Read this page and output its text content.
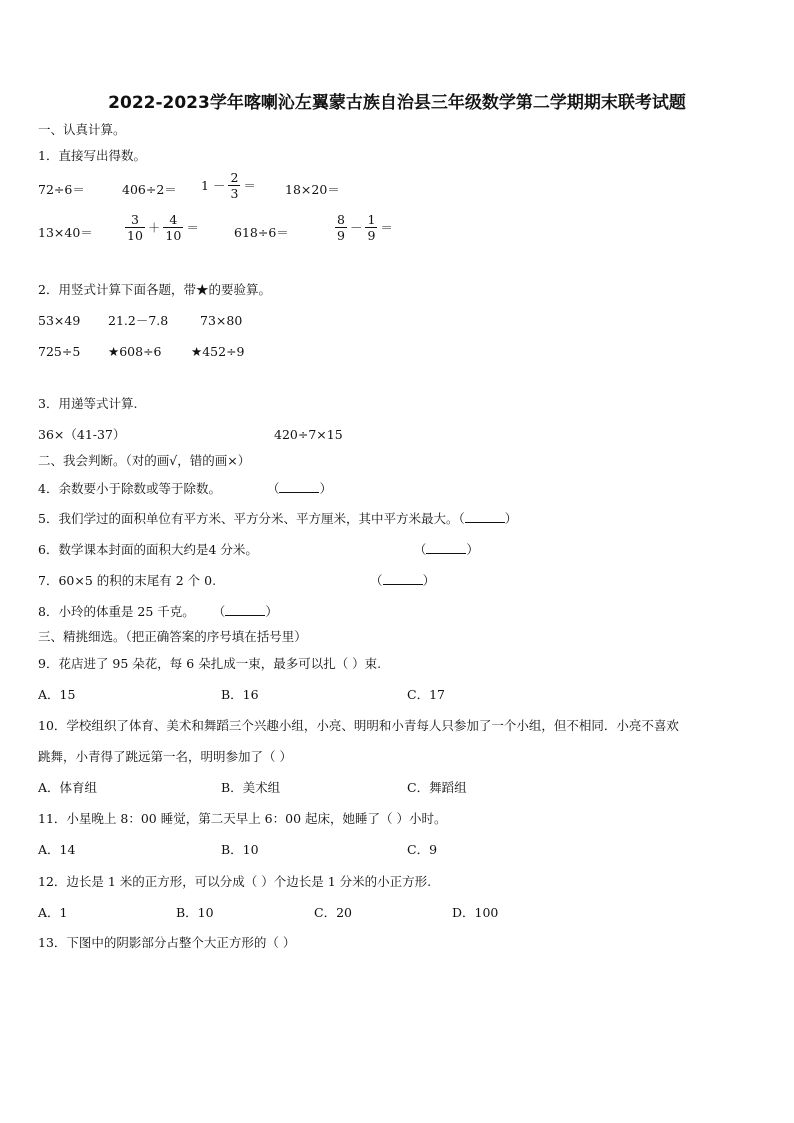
2022-2023学年喀喇沁左翼蒙古族自治县三年级数学第二学期期末联考试题
一、认真计算。
1．直接写出得数。
72÷6＝	$406\div 2= 1 - \frac{2}{3} = 18\times 20=$
13×40＝	$\frac{3}{10} + \frac{4}{10}$ ＝	618÷6＝	$\frac{8}{9} - \frac{1}{9}$ ＝
2．用竖式计算下面各题，带★的要验算。
53×49 21.2－7.8	73×80
725÷5 ★608÷6 ★452÷9
3．用递等式计算.
36×（41-37）	420÷7×15
二、我会判断。（对的画√，错的画×）
4．余数要小于除数或等于除数。	（	）
5．我们学过的面积单位有平方米、平方分米、平方厘米，其中平方米最大。（	）
6．数学课本封面的面积大约是4 分米。	（	）
7．60×5 的积的末尾有 2 个 0.	（	）
8．小玲的体重是 25 千克。 （	）
三、精挑细选。（把正确答案的序号填在括号里）
9．花店进了 95 朵花，每 6 朵扎成一束，最多可以扎（ ）束.
A．15	B．16	C．17
10．学校组织了体育、美术和舞蹈三个兴趣小组，小亮、明明和小青每人只参加了一个小组，但不相同．小亮不喜欢
跳舞，小青得了跳远第一名，明明参加了（ ）
A．体育组	B．美术组	C．舞蹈组
11．小星晚上 8：00 睡觉，第二天早上 6：00 起床，她睡了（ ）小时。
A．14	B．10	C．9
12．边长是 1 米的正方形，可以分成（ ）个边长是 1 分米的小正方形.
A．1	B．10	C．20	D．100
13．下图中的阴影部分占整个大正方形的（ ）
